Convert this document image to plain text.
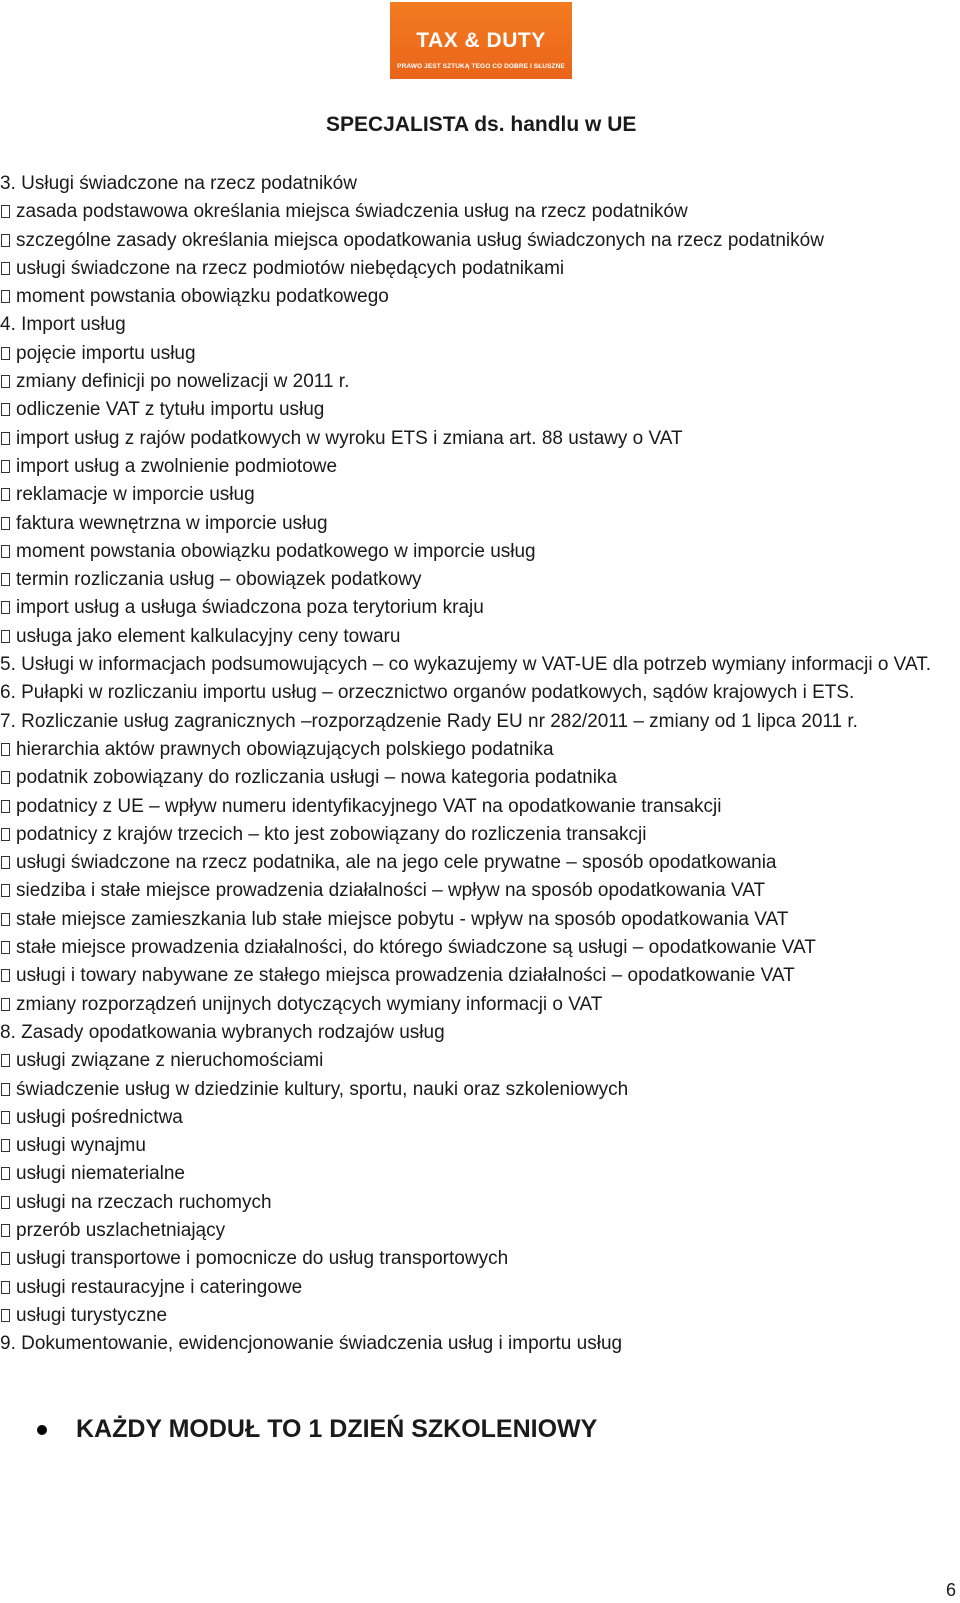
TAX & DUTY
PRAWO JEST SZTUKĄ TEGO CO DOBRE I SŁUSZNE
SPECJALISTA ds. handlu w UE
3. Usługi świadczone na rzecz podatników
zasada podstawowa określania miejsca świadczenia usług na rzecz podatników
szczególne zasady określania miejsca opodatkowania usług świadczonych na rzecz podatników
usługi świadczone na rzecz podmiotów niebędących podatnikami
moment powstania obowiązku podatkowego
4. Import usług
pojęcie importu usług
zmiany definicji po nowelizacji w 2011 r.
odliczenie VAT z tytułu importu usług
import usług z rajów podatkowych w wyroku ETS i zmiana art. 88 ustawy o VAT
import usług a zwolnienie podmiotowe
reklamacje w imporcie usług
faktura wewnętrzna w imporcie usług
moment powstania obowiązku podatkowego w imporcie usług
termin rozliczania usług – obowiązek podatkowy
import usług a usługa świadczona poza terytorium kraju
usługa jako element kalkulacyjny ceny towaru
5. Usługi w informacjach podsumowujących – co wykazujemy w VAT-UE dla potrzeb wymiany informacji o VAT.
6. Pułapki w rozliczaniu importu usług – orzecznictwo organów podatkowych, sądów krajowych i ETS.
7. Rozliczanie usług zagranicznych –rozporządzenie Rady EU nr 282/2011 – zmiany od 1 lipca 2011 r.
hierarchia aktów prawnych obowiązujących polskiego podatnika
podatnik zobowiązany do rozliczania usługi – nowa kategoria podatnika
podatnicy z UE – wpływ numeru identyfikacyjnego VAT na opodatkowanie transakcji
podatnicy z krajów trzecich – kto jest zobowiązany do rozliczenia transakcji
usługi świadczone na rzecz podatnika, ale na jego cele prywatne – sposób opodatkowania
siedziba i stałe miejsce prowadzenia działalności – wpływ na sposób opodatkowania VAT
stałe miejsce zamieszkania lub stałe miejsce pobytu - wpływ na sposób opodatkowania VAT
stałe miejsce prowadzenia działalności, do którego świadczone są usługi – opodatkowanie VAT
usługi i towary nabywane ze stałego miejsca prowadzenia działalności – opodatkowanie VAT
zmiany rozporządzeń unijnych dotyczących wymiany informacji o VAT
8. Zasady opodatkowania wybranych rodzajów usług
usługi związane z nieruchomościami
świadczenie usług w dziedzinie kultury, sportu, nauki oraz szkoleniowych
usługi pośrednictwa
usługi wynajmu
usługi niematerialne
usługi na rzeczach ruchomych
przerób uszlachetniający
usługi transportowe i pomocnicze do usług transportowych
usługi restauracyjne i cateringowe
usługi turystyczne
9. Dokumentowanie, ewidencjonowanie świadczenia usług i importu usług

KAŻDY MODUŁ TO 1 DZIEŃ SZKOLENIOWY

6
